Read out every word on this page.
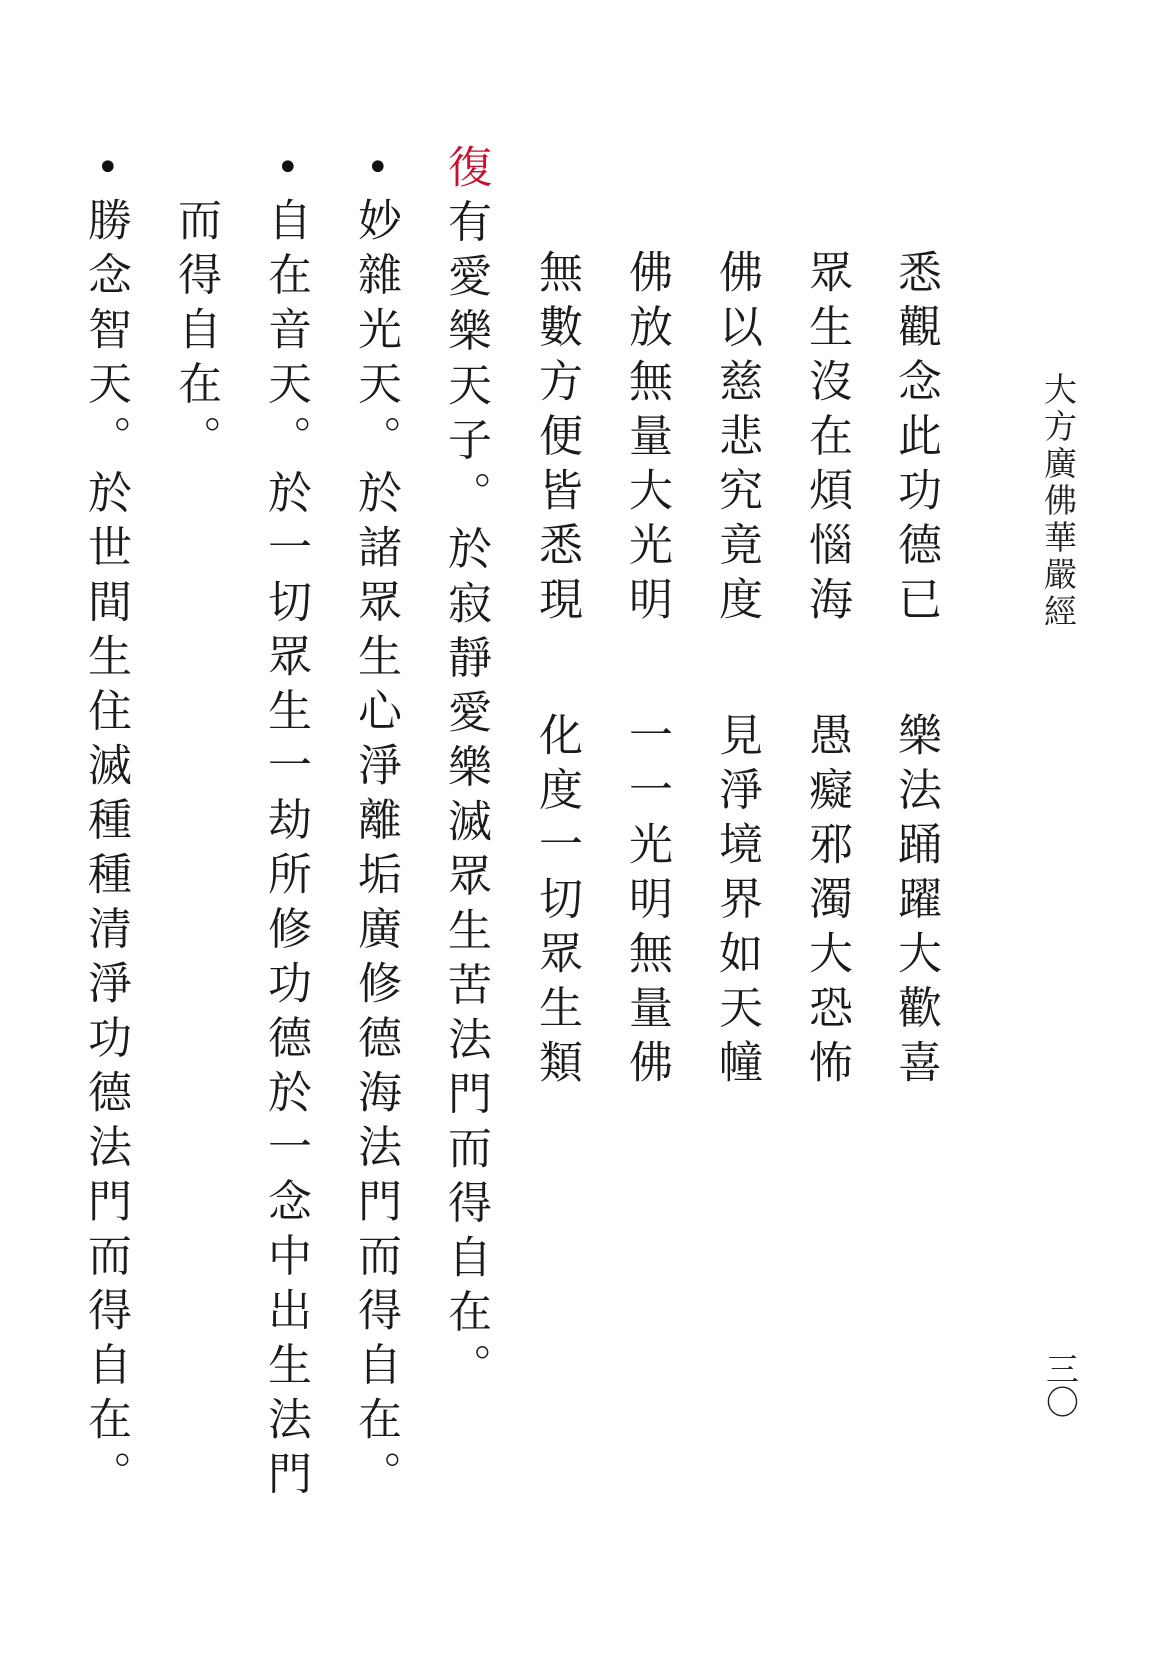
大方廣佛華嚴經
三〇
悉觀念此功德已
眾生沒在煩惱海
佛以慈悲究竟度
佛放無量大光明
無數方便皆悉現
樂法踊躍大歡喜
愚癡邪濁大恐怖
見淨境界如天幢
一一光明無量佛
化度一切眾生類
復有愛樂天子。於寂靜愛樂滅眾生苦法門而得自在。
•
•
•
妙雜光天。於諸眾生心淨離垢廣修德海法門而得自在。
自在音天。於一切眾生一劫所修功德於一念中出生法門
而得自在。
勝念智天。於世間生住滅種種清淨功德法門而得自在。
